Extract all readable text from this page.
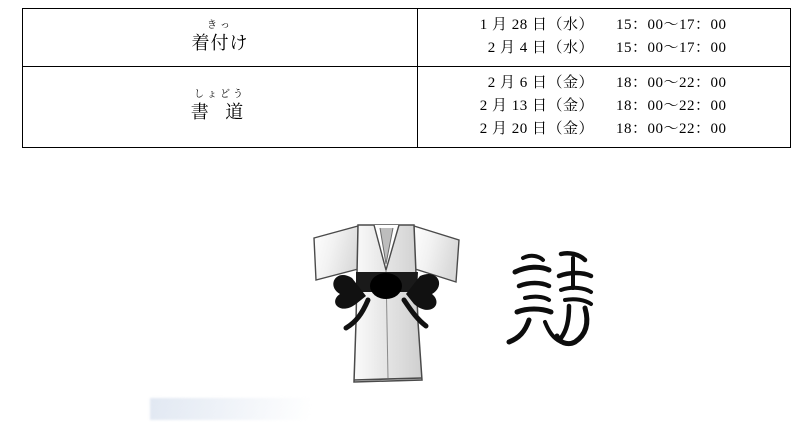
きっ
着付け

1 月 28 日（水）	15：00〜17：00
2 月 4 日（水）	15：00〜17：00

しょどう
書 道

2 月 6 日（金）	18：00〜22：00
2 月 13 日（金）	18：00〜22：00
2 月 20 日（金）	18：00〜22：00
